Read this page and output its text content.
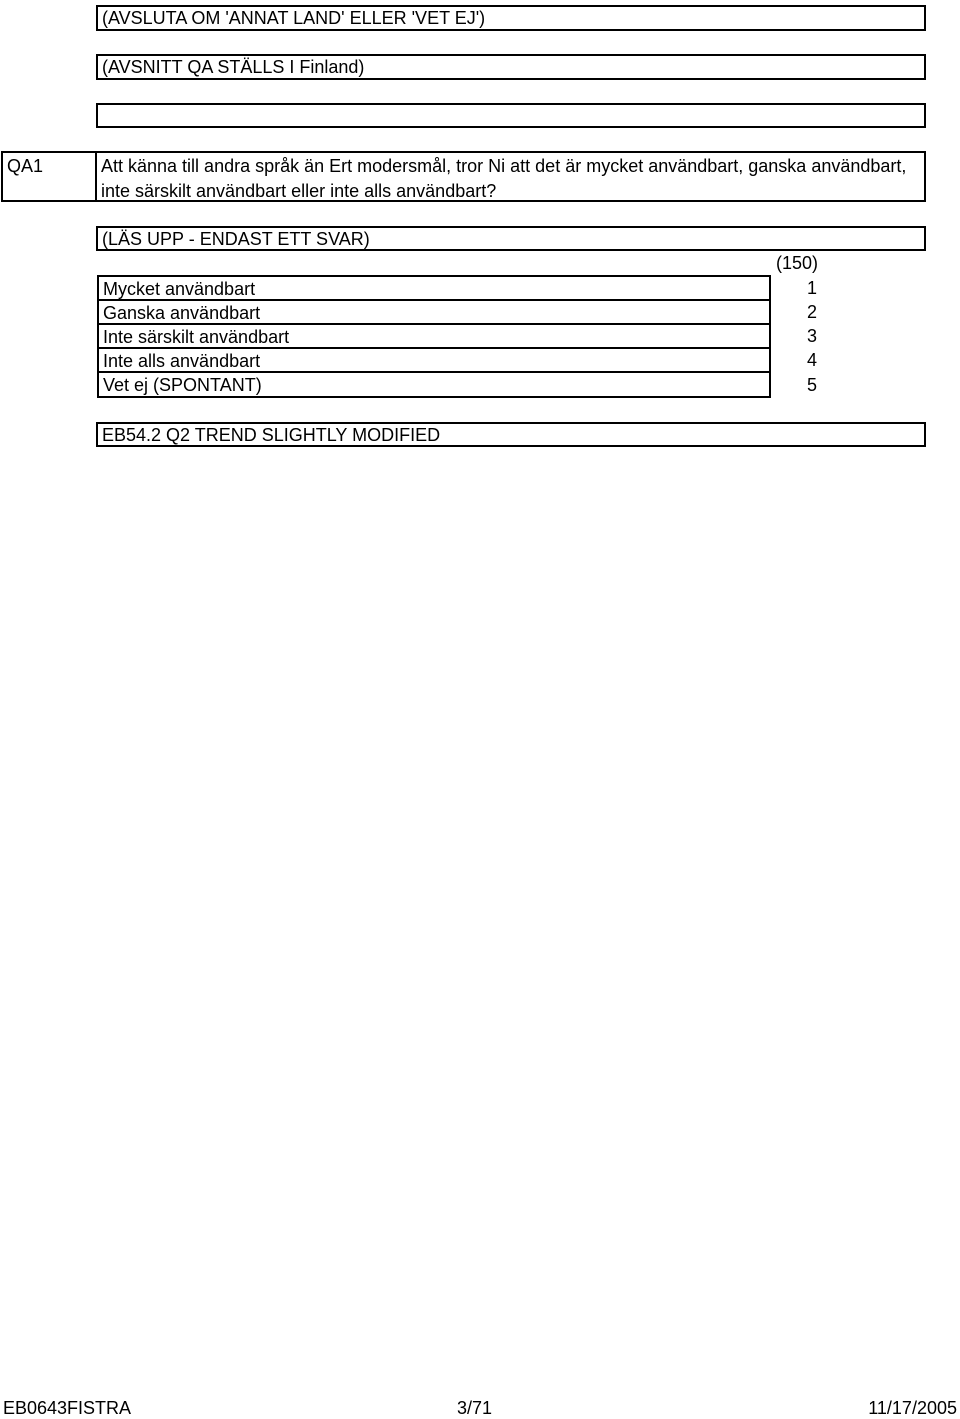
(AVSLUTA OM 'ANNAT LAND' ELLER 'VET EJ')
(AVSNITT QA STÄLLS I Finland)
QA1	Att känna till andra språk än Ert modersmål, tror Ni att det är mycket användbart, ganska användbart, inte särskilt användbart eller inte alls användbart?
(LÄS UPP - ENDAST ETT SVAR)
(150)
Mycket användbart	1
Ganska användbart	2
Inte särskilt användbart	3
Inte alls användbart	4
Vet ej (SPONTANT)	5
EB54.2 Q2 TREND SLIGHTLY MODIFIED
EB0643FISTRA	3/71	11/17/2005
